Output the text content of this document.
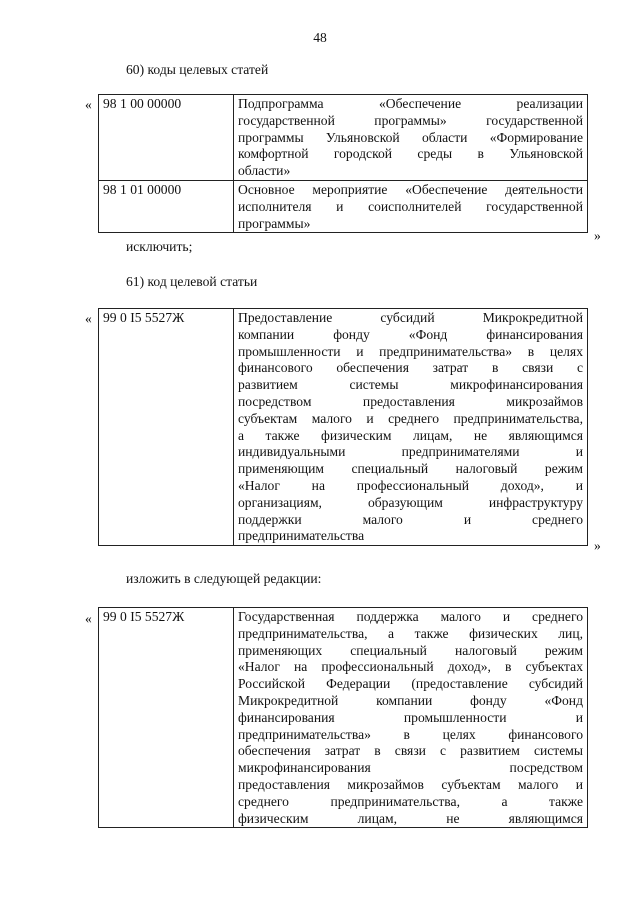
48
60) коды целевых статей
« 98 1 00 00000	Подпрограмма «Обеспечение реализации
государственной программы» государственной
программы Ульяновской области «Формирование
комфортной городской среды в Ульяновской
области»

98 1 01 00000	Основное мероприятие «Обеспечение деятельности
исполнителя и соисполнителей государственной
программы»
»
исключить;
61) код целевой статьи
« 99 0 I5 5527Ж	Предоставление субсидий Микрокредитной
компании фонду «Фонд финансирования
промышленности и предпринимательства» в целях
финансового обеспечения затрат в связи с
развитием системы микрофинансирования
посредством предоставления микрозаймов
субъектам малого и среднего предпринимательства,
а также физическим лицам, не являющимся
индивидуальными предпринимателями и
применяющим специальный налоговый режим
«Налог на профессиональный доход», и
организациям, образующим инфраструктуру
поддержки малого и среднего
предпринимательства
»
изложить в следующей редакции:
« 99 0 I5 5527Ж	Государственная поддержка малого и среднего
предпринимательства, а также физических лиц,
применяющих специальный налоговый режим
«Налог на профессиональный доход», в субъектах
Российской Федерации (предоставление субсидий
Микрокредитной компании фонду «Фонд
финансирования промышленности и
предпринимательства» в целях финансового
обеспечения затрат в связи с развитием системы
микрофинансирования посредством
предоставления микрозаймов субъектам малого и
среднего предпринимательства, а также
физическим лицам, не являющимся
